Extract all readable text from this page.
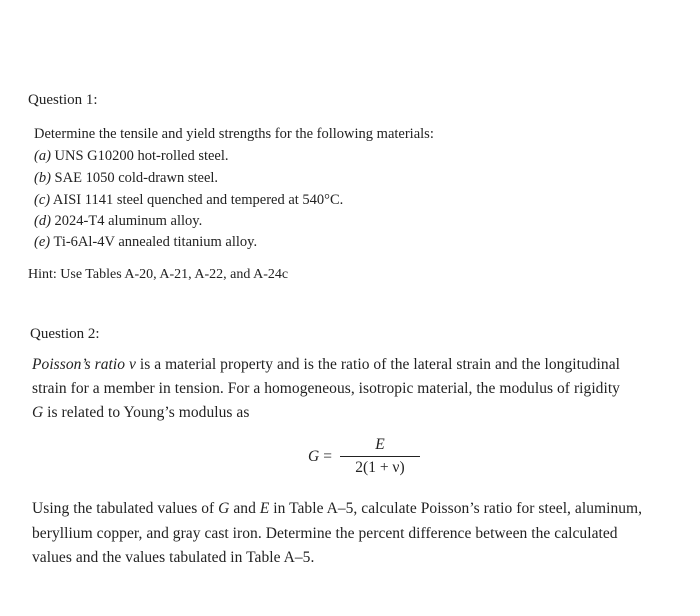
Question 1:
Determine the tensile and yield strengths for the following materials:
(a) UNS G10200 hot-rolled steel.
(b) SAE 1050 cold-drawn steel.
(c) AISI 1141 steel quenched and tempered at 540°C.
(d) 2024-T4 aluminum alloy.
(e) Ti-6Al-4V annealed titanium alloy.
Hint: Use Tables A-20, A-21, A-22, and A-24c
Question 2:
Poisson’s ratio ν is a material property and is the ratio of the lateral strain and the longitudinal
strain for a member in tension. For a homogeneous, isotropic material, the modulus of rigidity
G is related to Young’s modulus as
$G = \frac{E}{2(1 + \nu)}$
Using the tabulated values of G and E in Table A–5, calculate Poisson’s ratio for steel, aluminum,
beryllium copper, and gray cast iron. Determine the percent difference between the calculated
values and the values tabulated in Table A–5.
